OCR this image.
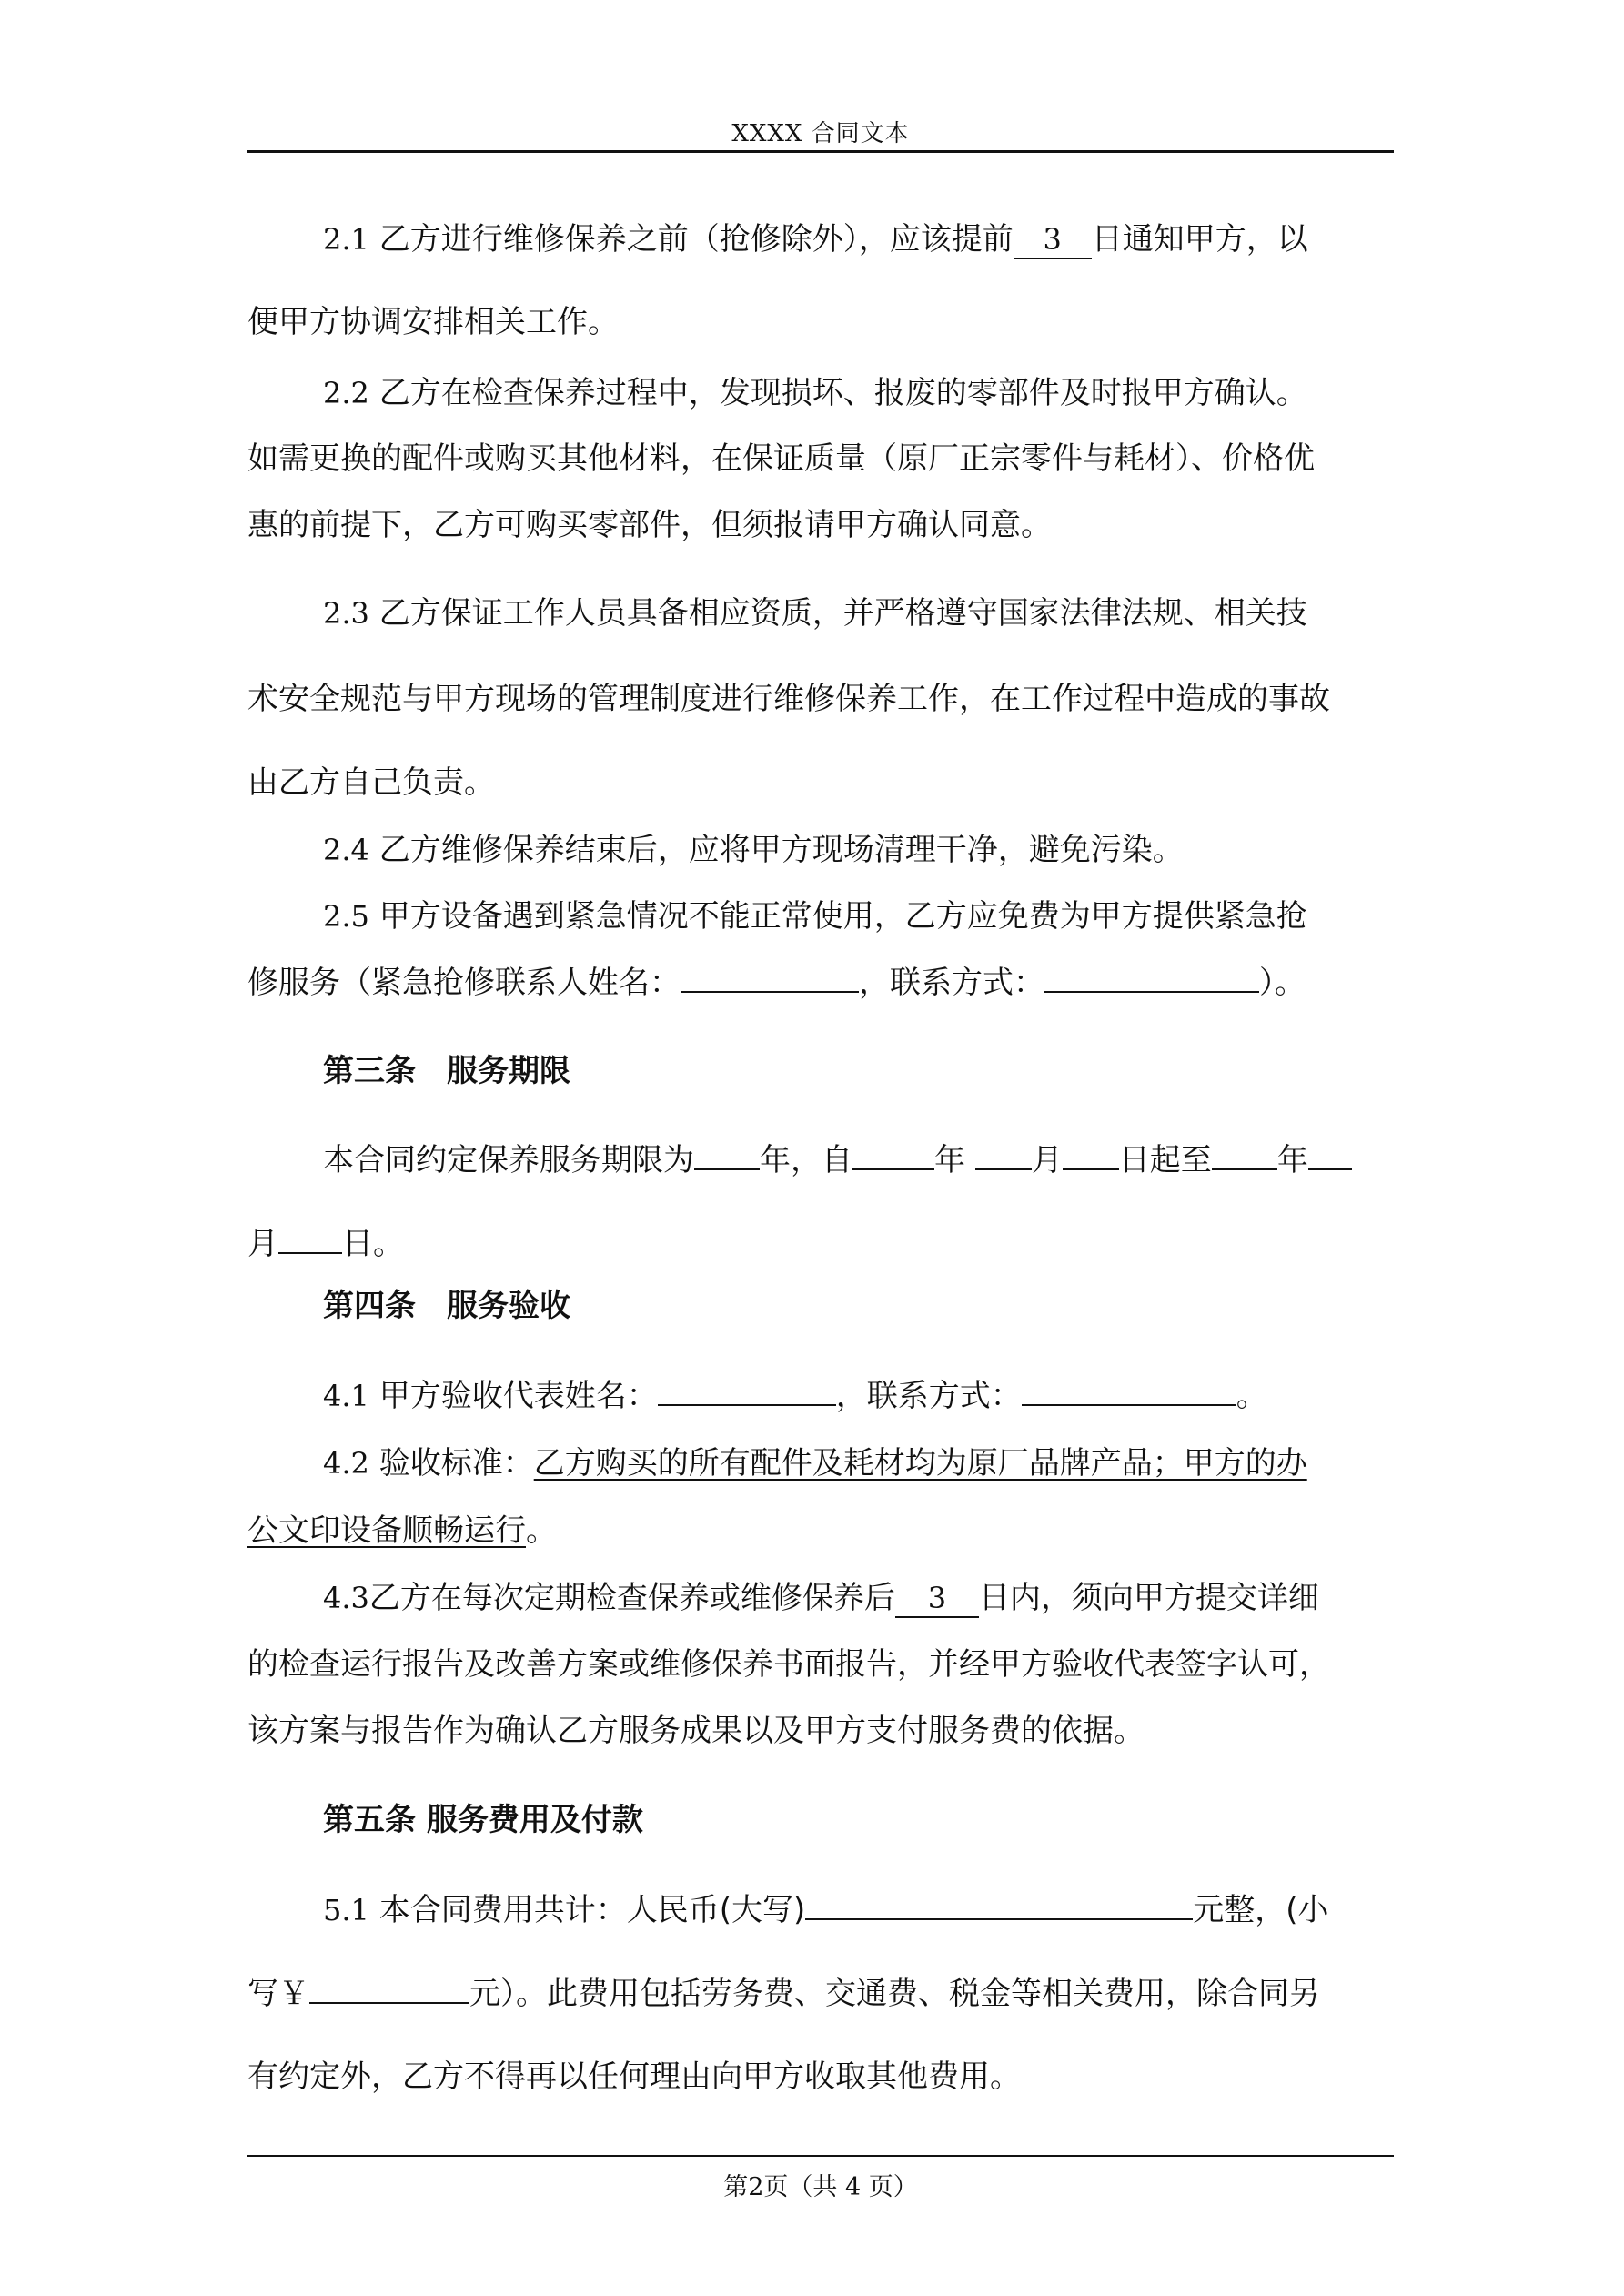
XXXX 合同文本
2.1 乙方进行维修保养之前（抢修除外），应该提前 3 日通知甲方，以
便甲方协调安排相关工作。
2.2 乙方在检查保养过程中，发现损坏、报废的零部件及时报甲方确认。
如需更换的配件或购买其他材料，在保证质量（原厂正宗零件与耗材）、价格优
惠的前提下，乙方可购买零部件，但须报请甲方确认同意。
2.3 乙方保证工作人员具备相应资质，并严格遵守国家法律法规、相关技
术安全规范与甲方现场的管理制度进行维修保养工作，在工作过程中造成的事故
由乙方自己负责。
2.4 乙方维修保养结束后，应将甲方现场清理干净，避免污染。
2.5 甲方设备遇到紧急情况不能正常使用，乙方应免费为甲方提供紧急抢
修服务（紧急抢修联系人姓名：	，联系方式：	）。
第三条　服务期限
本合同约定保养服务期限为 年，自	年 月 日起至 年
月 日。
第四条　服务验收
4.1 甲方验收代表姓名：	，联系方式：	。
4.2 验收标准：乙方购买的所有配件及耗材均为原厂品牌产品；甲方的办
公文印设备顺畅运行。
4.3乙方在每次定期检查保养或维修保养后 3 日内，须向甲方提交详细
的检查运行报告及改善方案或维修保养书面报告，并经甲方验收代表签字认可，
该方案与报告作为确认乙方服务成果以及甲方支付服务费的依据。
第五条 服务费用及付款
5.1 本合同费用共计：人民币(大写)	元整，(小
写￥	元）。此费用包括劳务费、交通费、税金等相关费用，除合同另
有约定外，乙方不得再以任何理由向甲方收取其他费用。
第2页（共 4 页）
